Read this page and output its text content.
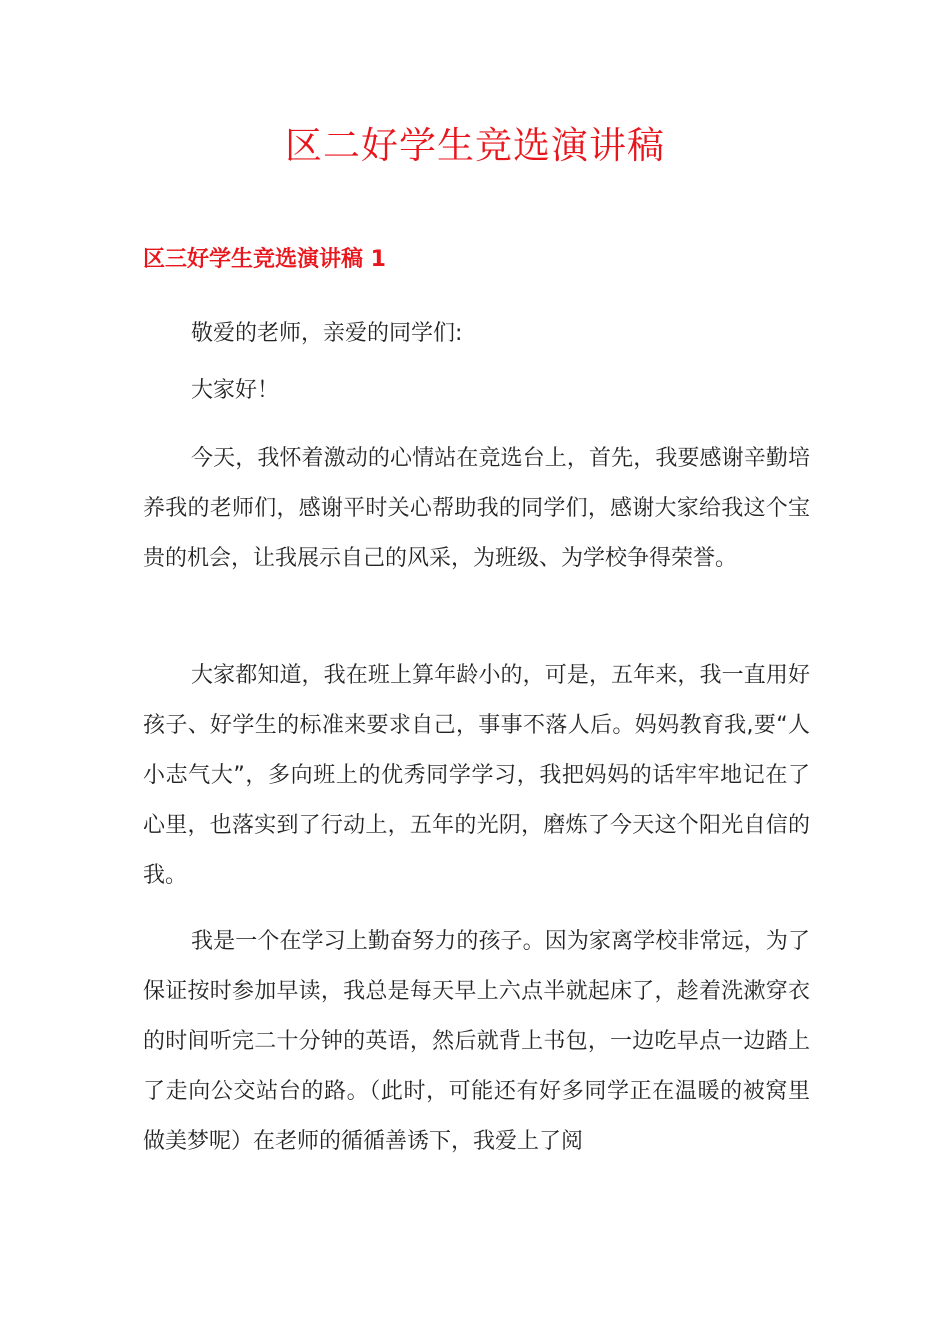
区二好学生竞选演讲稿
区三好学生竞选演讲稿 1

敬爱的老师，亲爱的同学们:

大家好！

今天，我怀着激动的心情站在竞选台上，首先，我要感谢辛勤培养我的老师们，感谢平时关心帮助我的同学们，感谢大家给我这个宝贵的机会，让我展示自己的风采，为班级、为学校争得荣誉。

大家都知道，我在班上算年龄小的，可是，五年来，我一直用好孩子、好学生的标准来要求自己，事事不落人后。妈妈教育我,要“人小志气大”，多向班上的优秀同学学习，我把妈妈的话牢牢地记在了心里，也落实到了行动上，五年的光阴，磨炼了今天这个阳光自信的我。

我是一个在学习上勤奋努力的孩子。因为家离学校非常远，为了保证按时参加早读，我总是每天早上六点半就起床了，趁着洗漱穿衣的时间听完二十分钟的英语，然后就背上书包，一边吃早点一边踏上了走向公交站台的路。（此时，可能还有好多同学正在温暖的被窝里做美梦呢）在老师的循循善诱下，我爱上了阅
